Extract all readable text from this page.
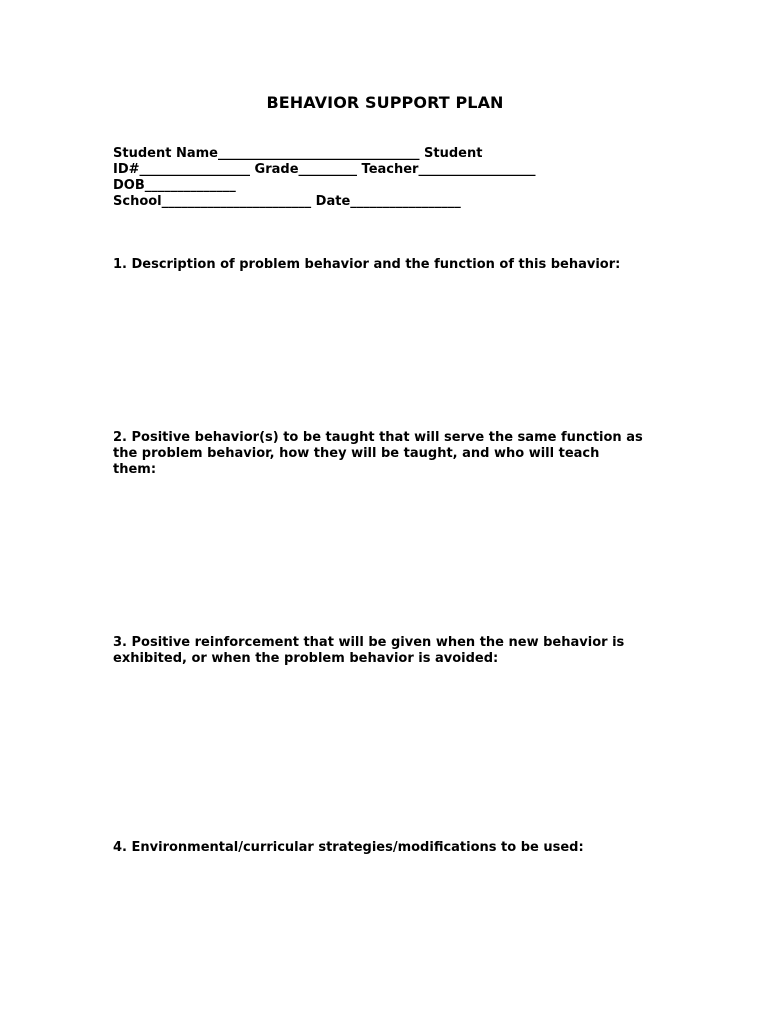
BEHAVIOR SUPPORT PLAN
Student Name_______________________________ Student
ID#_________________ Grade_________ Teacher__________________
DOB______________
School_______________________ Date_________________
1. Description of problem behavior and the function of this behavior:
2. Positive behavior(s) to be taught that will serve the same function as
the problem behavior, how they will be taught, and who will teach
them:
3. Positive reinforcement that will be given when the new behavior is
exhibited, or when the problem behavior is avoided:
4. Environmental/curricular strategies/modifications to be used:
